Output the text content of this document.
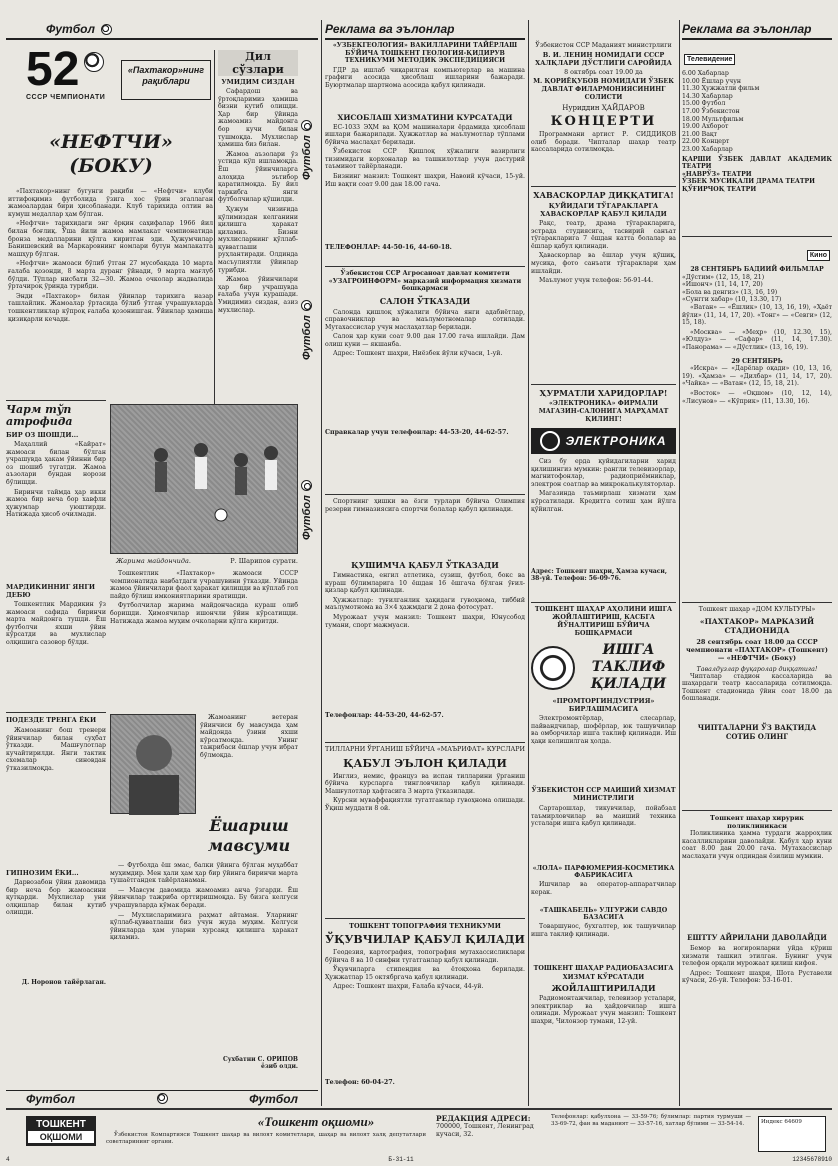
Футбол
52
СССР ЧЕМПИОНАТИ
«Пахтакор»нинг рақиблари
«НЕФТЧИ» (БОКУ)

«Пахтакор»нинг бугунги рақиби — «Нефтчи» клуби иттифоқимиз футболида ўзига хос ўрин эгаллаган жамоалардан бири ҳисобланади. Клуб тарихида олтин ва кумуш медаллар ҳам бўлган.

«Нефтчи» тарихидаги энг ёрқин саҳифалар 1966 йил билан боғлиқ. Ўша йили жамоа мамлакат чемпионатида бронза медалларини қўлга киритган эди. Ҳужумчилар Банишевский ва Маркаровнинг номлари бутун мамлакатга машҳур бўлган.

«Нефтчи» жамоаси бўлиб ўтган 27 мусобақада 10 марта ғалаба қозонди, 8 марта дуранг ўйнади, 9 марта мағлуб бўлди. Тўплар нисбати 32—30. Жамоа очколар жадвалида ўртачироқ ўринда турибди.

Энди «Пахтакор» билан ўйинлар тарихига назар ташлайлик. Жамоалар ўртасида бўлиб ўтган учрашувларда тошкентликлар кўпроқ ғалаба қозонишган. Ўйинлар ҳамиша қизиқарли кечади.

Дил сўзлари
УМИДИМ СИЗДАН

Сафардош ва ўртоқларимиз ҳамиша бизни кутиб олишди. Ҳар бир ўйинда жамоамиз майдонга бор кучи билан тушмоқда. Мухлислар ҳамиша биз билан.

Жамоа аъзолари ўз устида кўп ишламоқда. Ёш ўйинчиларга алоҳида эътибор қаратилмоқда. Бу йил таркибга янги футболчилар қўшилди.

Ҳужум чизиғида қўлимиздан келганини қилишга ҳаракат қиламиз. Бизни мухлисларнинг қўллаб-қувватлаши руҳлантиради. Олдинда масъулиятли ўйинлар турибди.

Жамоа ўйинчилари ҳар бир учрашувда ғалаба учун курашади. Умидимиз сиздан, азиз мухлислар.

Футбол
Футбол
Футбол
Чарм тўп атрофида
БИР ОЗ ШОШДИ...

Маҳаллий «Кайрат» жамоаси билан бўлган учрашувда ҳакам ўйинни бир оз шошиб тугатди. Жамоа аъзолари бундан норози бўлишди.

Биринчи таймда ҳар икки жамоа бир неча бор хавфли ҳужумлар уюштирди. Натижада ҳисоб очилмади.

МАРДИКИННИГ ЯНГИ ДЕБЮ

Тошкентлик Мардикин ўз жамоаси сафида биринчи марта майдонга тушди. Ёш футболчи яхши ўйин кўрсатди ва мухлислар олқишига сазовор бўлди.

Жарима майдончида.	Р. Шарипов сурати.

Тошкентлик «Пахтакор» жамоаси СССР чемпионатида навбатдаги учрашувини ўтказди. Уйинда жамоа ўйинчилари фаол ҳаракат қилишди ва кўплаб гол пайдо бўлиш имкониятларини яратишди.

Футболчилар жарима майдончасида кураш олиб боришди. Ҳимоячилар ишончли ўйин кўрсатишди. Натижада жамоа муҳим очколарни қўлга киритди.

ПОДЕЗДЕ ТРЕНГА ЁКИ

Жамоанинг бош тренери ўйинчилар билан суҳбат ўтказди. Машғулотлар кучайтирилди. Янги тактик схемалар синовдан ўтказилмоқда.

ГИПНОЗИМ ЁКИ...

Дарвозабон ўйин давомида бир неча бор жамоасини қутқарди. Мухлислар уни олқишлар билан кутиб олишди.

Д. Норонов тайёрлаган.

Жамоанинг ветеран ўйинчиси бу мавсумда ҳам майдонда ўзини яхши кўрсатмоқда. Унинг тажрибаси ёшлар учун ибрат бўлмоқда.

Ёшариш мавсуми

— Футболда ёш эмас, балки ўйинга бўлган муҳаббат муҳимдир. Мен ҳали ҳам ҳар бир ўйинга биринчи марта тушаётгандек тайёрланаман.

— Мавсум давомида жамоамиз анча ўзгарди. Ёш ўйинчилар тажриба орттиришмоқда. Бу бизга келгуси учрашувларда кўмак беради.

— Мухлисларимизга раҳмат айтаман. Уларнинг қўллаб-қувватлаши биз учун жуда муҳим. Келгуси ўйинларда ҳам уларни хурсанд қилишга ҳаракат қиламиз.

Сухбатни С. ОРИПОВ ёзиб олди.
Футбол	Футбол
Реклама ва эълонлар
«УЗБЕКГЕОЛОГИЯ» ВАКИЛЛАРИНИ ТАЙЁРЛАШ БЎЙИЧА ТОШКЕНТ ГЕОЛОГИЯ-ҚИДИРУВ ТЕХНИКУМИ МЕТОДИК ЭКСПЕДИЦИЯСИ

ГДР да ишлаб чиқарилган компьютерлар ва машина графиги асосида ҳисоблаш ишларини бажаради. Буюртмалар шартнома асосида қабул қилинади.

ХИСОБЛАШ ХИЗМАТИНИ КУРСАТАДИ

ЕС-1033 ЭҲМ ва ҚОМ машиналари ёрдамида ҳисоблаш ишлари бажарилади. Ҳужжатлар ва маълумотлар тўплами бўйича маслаҳат берилади.

Ўзбекистон ССР Қишлоқ хўжалиги вазирлиги тизимидаги корхоналар ва ташкилотлар учун дастурий таъминот тайёрланади.

Бизнинг манзил: Тошкент шаҳри, Навоий кўчаси, 15-уй. Иш вақти соат 9.00 дан 18.00 гача.

ТЕЛЕФОНЛАР: 44-50-16, 44-60-18.
Ўзбекистон ССР Агросаноат давлат комитети «УЗАГРОИНФОРМ» марказий информация хизмати бошқармаси
САЛОН ЎТКАЗАДИ

Салонда қишлоқ хўжалиги бўйича янги адабиётлар, справочниклар ва маълумотномалар сотилади. Мутахассислар учун маслаҳатлар берилади.

Салон ҳар куни соат 9.00 дан 17.00 гача ишлайди. Дам олиш куни — якшанба.

Адрес: Тошкент шаҳри, Ниёзбек йўли кўчаси, 1-уй.

Справкалар учун телефонлар: 44-53-20, 44-62-57.

Спортнинг ҳишки ва ёзги турлари бўйича Олимпия резерви гимназиясига спортчи болалар қабул қилинади.

ҚУШИМЧА ҚАБУЛ ЎТКАЗАДИ

Гимнастика, енгил атлетика, сузиш, футбол, бокс ва кураш бўлимларига 10 ёшдан 16 ёшгача бўлган ўғил-қизлар қабул қилинади.

Ҳужжатлар: туғилганлик ҳақидаги гувоҳнома, тиббий маълумотнома ва 3×4 ҳажмдаги 2 дона фотосурат.

Мурожаат учун манзил: Тошкент шаҳри, Юнусобод тумани, спорт мажмуаси.

Телефонлар: 44-53-20, 44-62-57.
ТИЛЛАРНИ ЎРГАНИШ БЎЙИЧА «МАЪРИФАТ» КУРСЛАРИ
ҚАБУЛ ЭЪЛОН ҚИЛАДИ

Инглиз, немис, француз ва испан тилларини ўрганиш бўйича курсларга тингловчилар қабул қилинади. Машғулотлар ҳафтасига 3 марта ўтказилади.

Курсни муваффақиятли тугатганлар гувоҳнома олишади. Ўқиш муддати 8 ой.

ТОШКЕНТ ТОПОГРАФИЯ ТЕХНИКУМИ
ЎҚУВЧИЛАР ҚАБУЛ ҚИЛАДИ

Геодезия, картография, топография мутахассисликлари бўйича 8 ва 10 синфни тугатганлар қабул қилинади.

Ўқувчиларга стипендия ва ётоқхона берилади. Ҳужжатлар 15 октябргача қабул қилинади.

Адрес: Тошкент шаҳри, Ғалаба кўчаси, 44-уй.

Телефон: 60-04-27.
Ўзбекистон ССР Маданият министрлиги
В. И. ЛЕНИН НОМИДАГИ СССР ХАЛҚЛАРИ ДЎСТЛИГИ САРОЙИДА
8 октябрь соат 19.00 да
М. ҚОРИЁҚУБОВ НОМИДАГИ ЎЗБЕК ДАВЛАТ ФИЛАРМОНИЯСИНИНГ СОЛИСТИ
Нуриддин ҲАЙДАРОВ
КОНЦЕРТИ

Программани артист Р. СИДДИҚОВ олиб боради. Чипталар шаҳар театр кассаларида сотилмоқда.

ХАВАСКОРЛАР ДИҚҚАТИГА!
ҚУЙИДАГИ ТЎГАРАКЛАРГА ХАВАСКОРЛАР ҚАБУЛ ҚИЛАДИ

Рақс, театр, драма тўгаракларига, эстрада студиясига, тасвирий санъат тўгаракларига 7 ёшдан катта болалар ва ёшлар қабул қилинади.

Ҳаваскорлар ва ёшлар учун қўшиқ, мусиқа, фото санъати тўгараклари ҳам ишлайди.

Маълумот учун телефон: 56-91-44.

ҲУРМАТЛИ ХАРИДОРЛАР!
«ЭЛЕКТРОНИКА» ФИРМАЛИ МАГАЗИН-САЛОНИГА МАРҲАМАТ ҚИЛИНГ!
ЭЛЕКТРОНИКА

Сиз бу ерда қуйидагиларни харид қилишингиз мумкин: рангли телевизорлар, магнитофонлар, радиоприёмниклар, электрон соатлар ва микрокалькуляторлар.

Магазинда таъмирлаш хизмати ҳам кўрсатилади. Кредитга сотиш ҳам йўлга қўйилган.

Адрес: Тошкент шаҳри, Ҳамза кучаси, 38-уй. Телефон: 56-09-76.
ТОШКЕНТ ШАҲАР АҲОЛИНИ ИШГА ЖОЙЛАШТИРИШ, КАСБГА ЙЎНАЛТИРИШ БЎЙИЧА БОШҚАРМАСИ
ИШГА ТАКЛИФ ҚИЛАДИ
«ПРОМТОРГИНДУСТРИЯ» БИРЛАШМАСИГА

Электромонтёрлар, слесарлар, пайвандчилар, шофёрлар, юк ташувчилар ва омборчилар ишга таклиф қилинади. Иш ҳақи келишилган ҳолда.

ЎЗБЕКИСТОН ССР МАИШИЙ ХИЗМАТ МИНИСТРЛИГИ

Сартарошлар, тикувчилар, пойабзал таъмирловчилар ва маиший техника усталари ишга қабул қилинади.

«ЛОЛА» ПАРФЮМЕРИЯ-КОСМЕТИКА ФАБРИКАСИГА

Ишчилар ва оператор-аппаратчилар керак.

«ТАШКАБЕЛЬ» УЛГУРЖИ САВДО БАЗАСИГА

Товаршунос, бухгалтер, юк ташувчилар ишга таклиф қилинади.

ТОШКЕНТ ШАҲАР РАДИОБАЗАСИГА
ХИЗМАТ КЎРСАТАДИ
ЖОЙЛАШТИРИЛАДИ

Радиомонтажчилар, телевизор усталари, электриклар ва ҳайдовчилар ишга олинади. Мурожаат учун манзил: Тошкент шаҳри, Чилонзор тумани, 12-уй.

Реклама ва эълонлар
Телевидение
6.00 Хабарлар
10.00 Ёшлар учун
11.30 Ҳужжатли фильм
14.30 Хабарлар
15.00 Футбол
17.00 Ўзбекистон
18.00 Мультфильм
19.00 Ахборот
21.00 Вақт
22.00 Концерт
23.00 Хабарлар
ҚАРШИ ЎЗБЕК ДАВЛАТ АКАДЕМИК ТЕАТРИ
«НАВРЎЗ» ТЕАТРИ
ЎЗБЕК МУСИҚАЛИ ДРАМА ТЕАТРИ
ҚЎҒИРЧОҚ ТЕАТРИ
Кино
28 СЕНТЯБРЬ БАДИИЙ ФИЛЬМЛАР
«Дўстим» (12, 15, 18, 21)
«Ишонч» (11, 14, 17, 20)
«Бола ва денгиз» (13, 16, 19)
«Сунгги хабар» (10, 13.30, 17)

«Ватан» — «Ёшлик» (10, 13, 16, 19), «Ҳаёт йўли» (11, 14, 17, 20). «Тонг» — «Севги» (12, 15, 18).

«Москва» — «Меҳр» (10, 12.30, 15), «Юлдуз» — «Сафар» (11, 14, 17.30). «Панорама» — «Дўстлик» (13, 16, 19).

29 СЕНТЯБРЬ

«Искра» — «Дарёлар оқади» (10, 13, 16, 19). «Ҳамза» — «Дилбар» (11, 14, 17, 20). «Чайка» — «Ватан» (12, 15, 18, 21).

«Восток» — «Оқшом» (10, 12, 14), «Лисунов» — «Кўприк» (11, 13.30, 16).

Тошкент шаҳар «ДОМ КУЛЬТУРЫ»
«ПАХТАКОР» МАРКАЗИЙ СТАДИОНИДА
28 сентябрь соат 18.00 да СССР чемпионати «ПАХТАКОР» (Тошкент) — «НЕФТЧИ» (Боку)
Тавалдузлар фуқаролар диққатига!

Чипталар стадион кассаларида ва шаҳардаги театр кассаларида сотилмоқда. Тошкент стадионида ўйин соат 18.00 да бошланади.

ЧИПТАЛАРНИ ЎЗ ВАҚТИДА СОТИБ ОЛИНГ
Тошкент шаҳар хирурик поликлиникаси

Поликлиника ҳамма турдаги жарроҳлик касалликларини даволайди. Қабул ҳар куни соат 8.00 дан 20.00 гача. Мутахассислар маслаҳати учун олдиндан ёзилиш мумкин.

ЕШТТУ АЙРИЛАНИ ДАВОЛАЙДИ

Бемор ва ногиронларни уйда кўриш хизмати ташкил этилган. Бунинг учун телефон орқали мурожаат қилиш кифоя.

Адрес: Тошкент шаҳри, Шота Руставели кўчаси, 26-уй. Телефон: 53-16-01.

ТОШКЕНТ
ОҚШОМИ
«Тошкент оқшоми»

Ўзбекистон Компартияси Тошкент шаҳар ва вилоят комитетлари, шаҳар ва вилоят халқ депутатлари советларининг органи.

РЕДАКЦИЯ АДРЕСИ:
700000, Тошкент, Ленинград кучаси, 32.
Телефонлар: қабулхона — 33-59-76; бўлимлар: партия турмуши — 33-69-72, фан ва маданият — 33-57-16, хатлар бўлими — 33-54-14.	Индекс 64609
4	Б-31-11	12345678910
